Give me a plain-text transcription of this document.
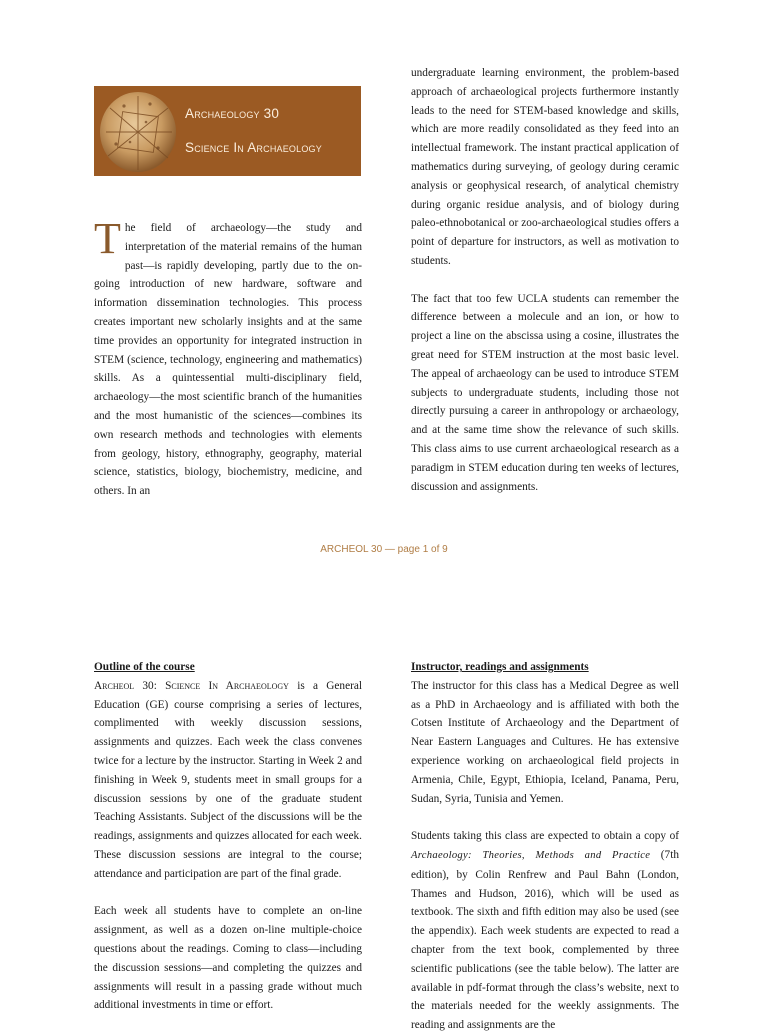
Archaeology 30
Science In Archaeology

The field of archaeology—the study and interpretation of the material remains of the human past—is rapidly developing, partly due to the on-going introduction of new hardware, software and information dissemination technologies. This process creates important new scholarly insights and at the same time provides an opportunity for integrated instruction in STEM (science, technology, engineering and mathematics) skills. As a quintessential multi-disciplinary field, archaeology—the most scientific branch of the humanities and the most humanistic of the sciences—combines its own research methods and technologies with elements from geology, history, ethnography, geography, material science, statistics, biology, biochemistry, medicine, and others. In an

undergraduate learning environment, the problem-based approach of archaeological projects furthermore instantly leads to the need for STEM-based knowledge and skills, which are more readily consolidated as they feed into an intellectual framework. The instant practical application of mathematics during surveying, of geology during ceramic analysis or geophysical research, of analytical chemistry during organic residue analysis, and of biology during paleo-ethnobotanical or zoo-archaeological studies offers a point of departure for instructors, as well as motivation to students.

The fact that too few UCLA students can remember the difference between a molecule and an ion, or how to project a line on the abscissa using a cosine, illustrates the great need for STEM instruction at the most basic level. The appeal of archaeology can be used to introduce STEM subjects to undergraduate students, including those not directly pursuing a career in anthropology or archaeology, and at the same time show the relevance of such skills. This class aims to use current archaeological research as a paradigm in STEM education during ten weeks of lectures, discussion and assignments.

ARCHEOL 30 — page 1 of 9

Outline of the course

Archeol 30: Science In Archaeology is a General Education (GE) course comprising a series of lectures, complimented with weekly discussion sessions, assignments and quizzes. Each week the class convenes twice for a lecture by the instructor. Starting in Week 2 and finishing in Week 9, students meet in small groups for a discussion sessions by one of the graduate student Teaching Assistants. Subject of the discussions will be the readings, assignments and quizzes allocated for each week. These discussion sessions are integral to the course; attendance and participation are part of the final grade.

Each week all students have to complete an on-line assignment, as well as a dozen on-line multiple-choice questions about the readings. Coming to class—including the discussion sessions—and completing the quizzes and assignments will result in a passing grade without much additional investments in time or effort.

Instructor, readings and assignments

The instructor for this class has a Medical Degree as well as a PhD in Archaeology and is affiliated with both the Cotsen Institute of Archaeology and the Department of Near Eastern Languages and Cultures. He has extensive experience working on archaeological field projects in Armenia, Chile, Egypt, Ethiopia, Iceland, Panama, Peru, Sudan, Syria, Tunisia and Yemen.

Students taking this class are expected to obtain a copy of Archaeology: Theories, Methods and Practice (7th edition), by Colin Renfrew and Paul Bahn (London, Thames and Hudson, 2016), which will be used as textbook. The sixth and fifth edition may also be used (see the appendix). Each week students are expected to read a chapter from the text book, complemented by three scientific publications (see the table below). The latter are available in pdf-format through the class’s website, next to the materials needed for the weekly assignments. The reading and assignments are the
